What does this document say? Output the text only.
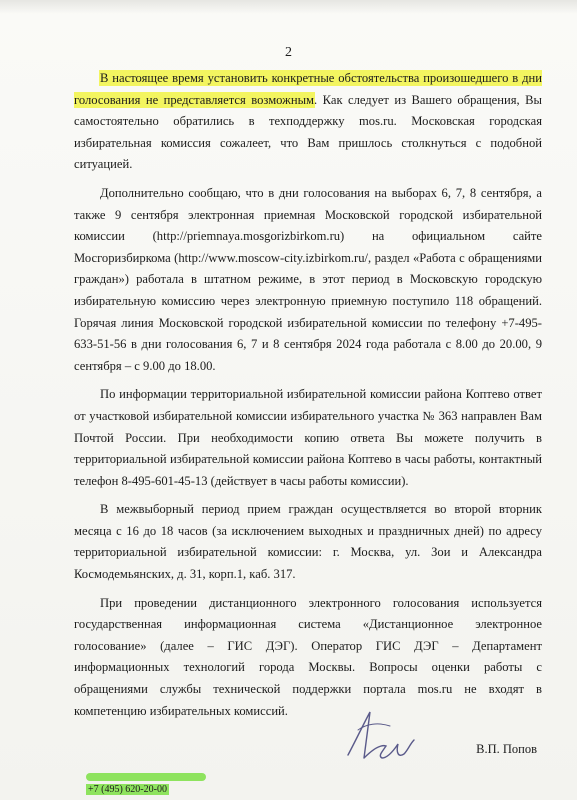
2

В настоящее время установить конкретные обстоятельства произошедшего в дни голосования не представляется возможным. Как следует из Вашего обращения, Вы самостоятельно обратились в техподдержку mos.ru. Московская городская избирательная комиссия сожалеет, что Вам пришлось столкнуться с подобной ситуацией.

Дополнительно сообщаю, что в дни голосования на выборах 6, 7, 8 сентября, а также 9 сентября электронная приемная Московской городской избирательной комиссии (http://priemnaya.mosgorizbirkom.ru) на официальном сайте Мосгоризбиркома (http://www.moscow-city.izbirkom.ru/, раздел «Работа с обращениями граждан») работала в штатном режиме, в этот период в Московскую городскую избирательную комиссию через электронную приемную поступило 118 обращений. Горячая линия Московской городской избирательной комиссии по телефону +7-495-633-51-56 в дни голосования 6, 7 и 8 сентября 2024 года работала с 8.00 до 20.00, 9 сентября – с 9.00 до 18.00.

По информации территориальной избирательной комиссии района Коптево ответ от участковой избирательной комиссии избирательного участка № 363 направлен Вам Почтой России. При необходимости копию ответа Вы можете получить в территориальной избирательной комиссии района Коптево в часы работы, контактный телефон 8-495-601-45-13 (действует в часы работы комиссии).

В межвыборный период прием граждан осуществляется во второй вторник месяца с 16 до 18 часов (за исключением выходных и праздничных дней) по адресу территориальной избирательной комиссии: г. Москва, ул. Зои и Александра Космодемьянских, д. 31, корп.1, каб. 317.

При проведении дистанционного электронного голосования используется государственная информационная система «Дистанционное электронное голосование» (далее – ГИС ДЭГ). Оператор ГИС ДЭГ – Департамент информационных технологий города Москвы. Вопросы оценки работы с обращениями службы технической поддержки портала mos.ru не входят в компетенцию избирательных комиссий.

В.П. Попов

+7 (495) 620-20-00
